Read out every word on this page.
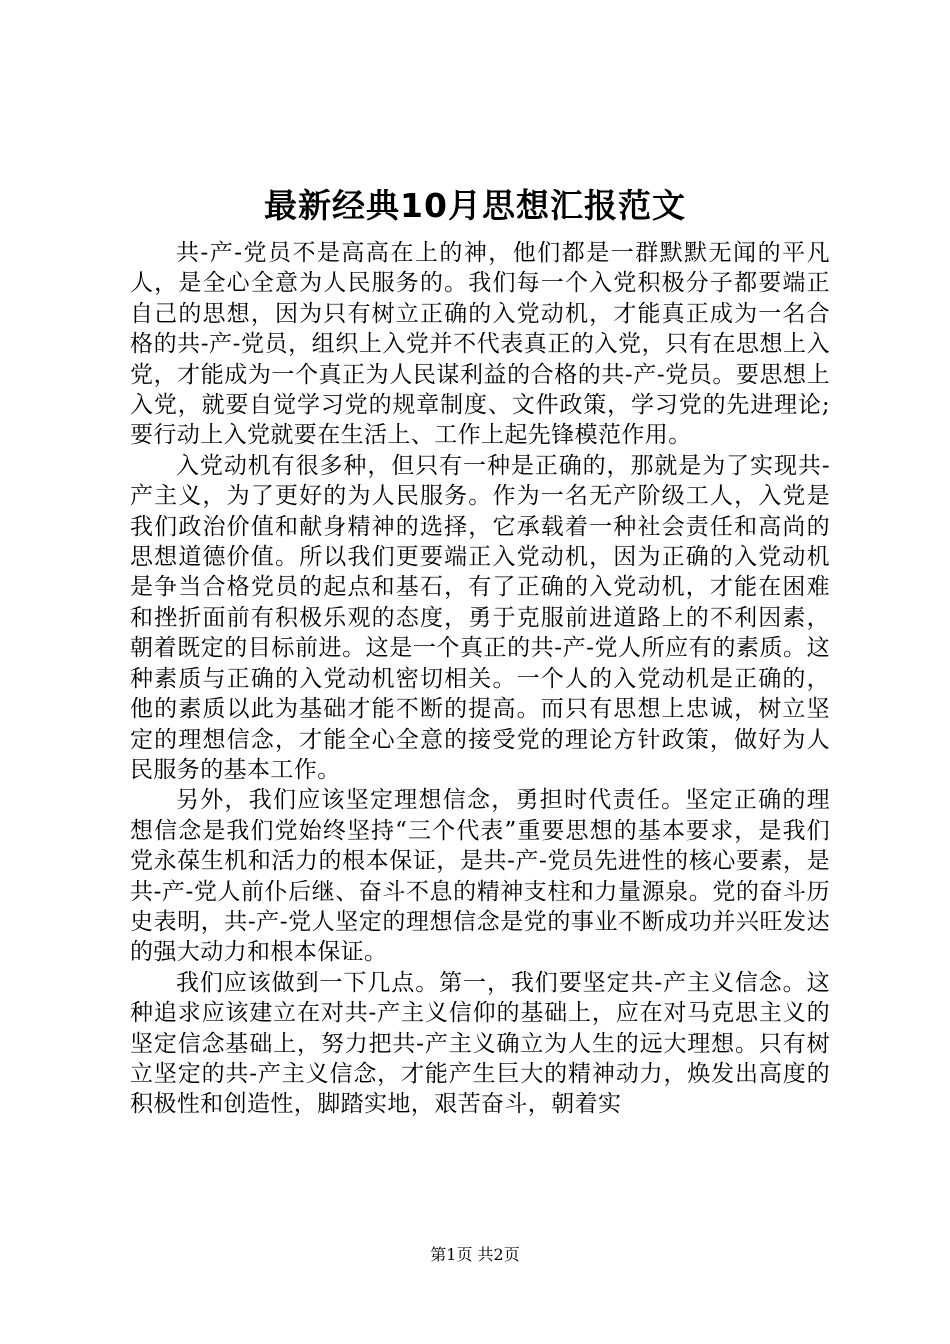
最新经典10月思想汇报范文

共-产-党员不是高高在上的神，他们都是一群默默无闻的平凡人，是全心全意为人民服务的。我们每一个入党积极分子都要端正自己的思想，因为只有树立正确的入党动机，才能真正成为一名合格的共-产-党员，组织上入党并不代表真正的入党，只有在思想上入党，才能成为一个真正为人民谋利益的合格的共-产-党员。要思想上入党，就要自觉学习党的规章制度、文件政策，学习党的先进理论;要行动上入党就要在生活上、工作上起先锋模范作用。

入党动机有很多种，但只有一种是正确的，那就是为了实现共-产主义，为了更好的为人民服务。作为一名无产阶级工人，入党是我们政治价值和献身精神的选择，它承载着一种社会责任和高尚的思想道德价值。所以我们更要端正入党动机，因为正确的入党动机是争当合格党员的起点和基石，有了正确的入党动机，才能在困难和挫折面前有积极乐观的态度，勇于克服前进道路上的不利因素，朝着既定的目标前进。这是一个真正的共-产-党人所应有的素质。这种素质与正确的入党动机密切相关。一个人的入党动机是正确的，他的素质以此为基础才能不断的提高。而只有思想上忠诚，树立坚定的理想信念，才能全心全意的接受党的理论方针政策，做好为人民服务的基本工作。

另外，我们应该坚定理想信念，勇担时代责任。坚定正确的理想信念是我们党始终坚持“三个代表”重要思想的基本要求，是我们党永葆生机和活力的根本保证，是共-产-党员先进性的核心要素，是共-产-党人前仆后继、奋斗不息的精神支柱和力量源泉。党的奋斗历史表明，共-产-党人坚定的理想信念是党的事业不断成功并兴旺发达的强大动力和根本保证。

我们应该做到一下几点。第一，我们要坚定共-产主义信念。这种追求应该建立在对共-产主义信仰的基础上，应在对马克思主义的坚定信念基础上，努力把共-产主义确立为人生的远大理想。只有树立坚定的共-产主义信念，才能产生巨大的精神动力，焕发出高度的积极性和创造性，脚踏实地，艰苦奋斗，朝着实

第1页 共2页
